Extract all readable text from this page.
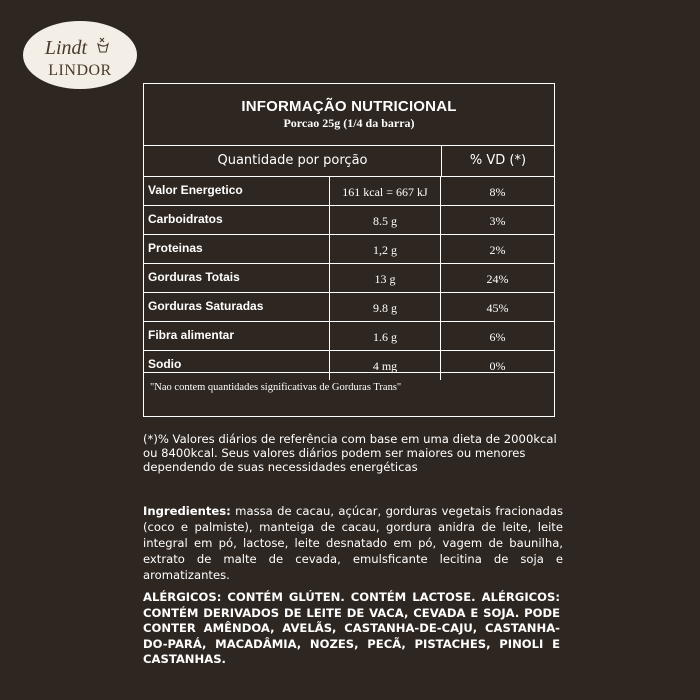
Lindt
LINDOR
INFORMAÇÃO NUTRICIONAL
Porcao 25g (1/4 da barra)
Quantidade por porção	% VD (*)
Valor Energetico	161 kcal = 667 kJ	8%
Carboidratos	8.5 g	3%
Proteinas	1,2 g	2%
Gorduras Totais	13 g	24%
Gorduras Saturadas	9.8 g	45%
Fibra alimentar	1.6 g	6%
Sodio	4 mg	0%
"Nao contem quantidades significativas de Gorduras Trans"
(*)% Valores diários de referência com base em uma dieta de 2000kcal ou 8400kcal. Seus valores diários podem ser maiores ou menores dependendo de suas necessidades energéticas
Ingredientes: massa de cacau, açúcar, gorduras vegetais fracionadas (coco e palmiste), manteiga de cacau, gordura anidra de leite, leite integral em pó, lactose, leite desnatado em pó, vagem de baunilha, extrato de malte de cevada, emulsficante lecitina de soja e aromatizantes.
ALÉRGICOS: CONTÉM GLÚTEN. CONTÉM LACTOSE. ALÉRGICOS: CONTÉM DERIVADOS DE LEITE DE VACA, CEVADA E SOJA. PODE CONTER AMÊNDOA, AVELÃS, CASTANHA-DE-CAJU, CASTANHA-DO-PARÁ, MACADÂMIA, NOZES, PECÃ, PISTACHES, PINOLI E CASTANHAS.
